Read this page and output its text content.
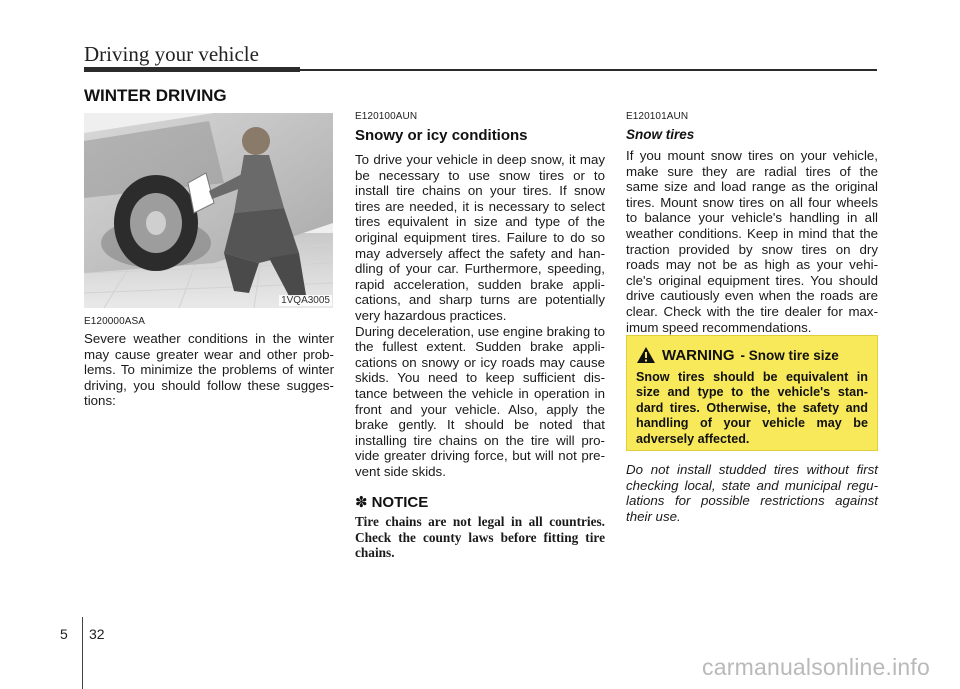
Driving your vehicle
WINTER DRIVING
1VQA3005
E120000ASA
Severe weather conditions in the winter may cause greater wear and other prob-lems. To minimize the problems of winter driving, you should follow these sugges-tions:
E120100AUN
Snowy or icy conditions
To drive your vehicle in deep snow, it may be necessary to use snow tires or to install tire chains on your tires. If snow tires are needed, it is necessary to select tires equivalent in size and type of the original equipment tires. Failure to do so may adversely affect the safety and han-dling of your car. Furthermore, speeding, rapid acceleration, sudden brake appli-cations, and sharp turns are potentially very hazardous practices.
During deceleration, use engine braking to the fullest extent. Sudden brake appli-cations on snowy or icy roads may cause skids. You need to keep sufficient dis-tance between the vehicle in operation in front and your vehicle. Also, apply the brake gently. It should be noted that installing tire chains on the tire will pro-vide greater driving force, but will not pre-vent side skids.
✽ NOTICE
Tire chains are not legal in all countries. Check the county laws before fitting tire chains.
E120101AUN
Snow tires
If you mount snow tires on your vehicle, make sure they are radial tires of the same size and load range as the original tires. Mount snow tires on all four wheels to balance your vehicle's handling in all weather conditions. Keep in mind that the traction provided by snow tires on dry roads may not be as high as your vehi-cle's original equipment tires. You should drive cautiously even when the roads are clear. Check with the tire dealer for max-imum speed recommendations.
WARNING - Snow tire size
Snow tires should be equivalent in size and type to the vehicle's stan-dard tires. Otherwise, the safety and handling of your vehicle may be adversely affected.
Do not install studded tires without first checking local, state and municipal regu-lations for possible restrictions against their use.
5 32
carmanualsonline.info
